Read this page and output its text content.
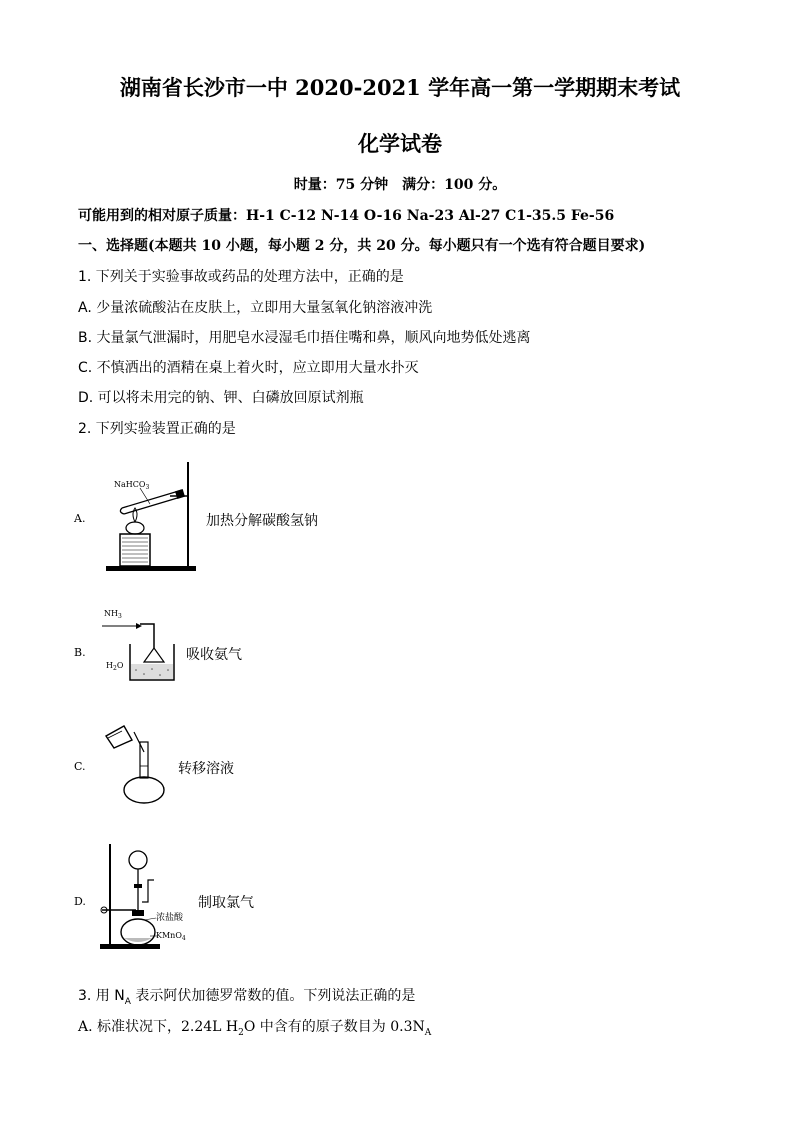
湖南省长沙市一中 2020-2021 学年高一第一学期期末考试
化学试卷
时量：75 分钟　满分：100 分。
可能用到的相对原子质量：H-1 C-12 N-14 O-16 Na-23 Al-27 C1-35.5 Fe-56
一、选择题(本题共 10 小题，每小题 2 分，共 20 分。每小题只有一个选有符合题目要求)
1. 下列关于实验事故或药品的处理方法中，正确的是
A. 少量浓硫酸沾在皮肤上，立即用大量氢氧化钠溶液冲洗
B. 大量氯气泄漏时，用肥皂水浸湿毛巾捂住嘴和鼻，顺风向地势低处逃离
C. 不慎洒出的酒精在桌上着火时，应立即用大量水扑灭
D. 可以将未用完的钠、钾、白磷放回原试剂瓶
2. 下列实验装置正确的是
A.
NaHCO$_3$
加热分解碳酸氢钠
B.
$NH_3$
$H_2O$
吸收氨气
C.	转移溶液
D.
浓盐酸
KMnO$_4$
制取氯气
3. 用 $N_A$ 表示阿伏加德罗常数的值。下列说法正确的是
A. 标准状况下，2.24L $H_2O$ 中含有的原子数目为 $0.3N_A$
